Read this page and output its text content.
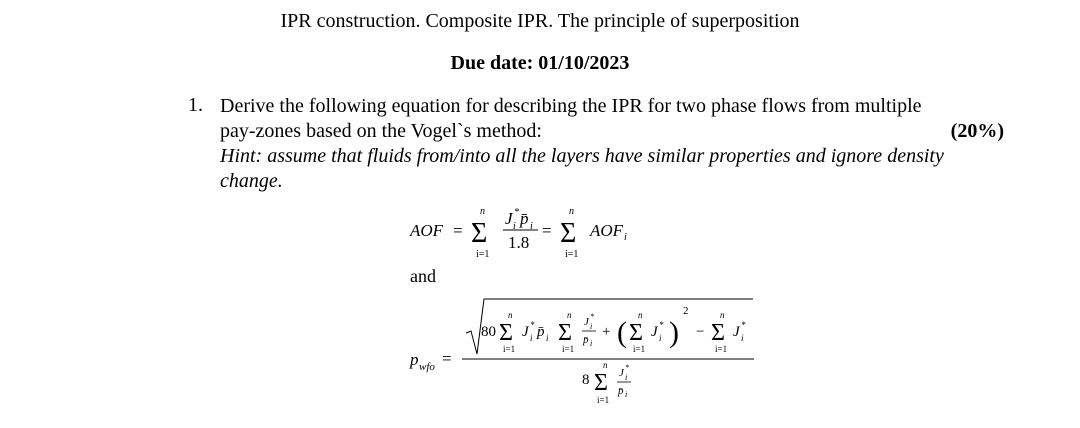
IPR construction. Composite IPR. The principle of superposition
Due date: 01/10/2023
1. Derive the following equation for describing the IPR for two phase flows from multiple
pay-zones based on the Vogel`s method:	(20%)
Hint: assume that fluids from/into all the layers have similar properties and ignore density
change.
AOF =
n
Σ
i=1
J *
i p̄ i
1.8
=
n
Σ
i=1
AOF i
p wfo =
80
n
Σ
i=1
J *
i p̄ i
n
Σ
i=1
J *
i
p̄ i
+ (
n
Σ
i=1
J *
i )
2
−
n
Σ
i=1
J *
i
8
n
Σ
i=1
J *
i
p̄ i
and
